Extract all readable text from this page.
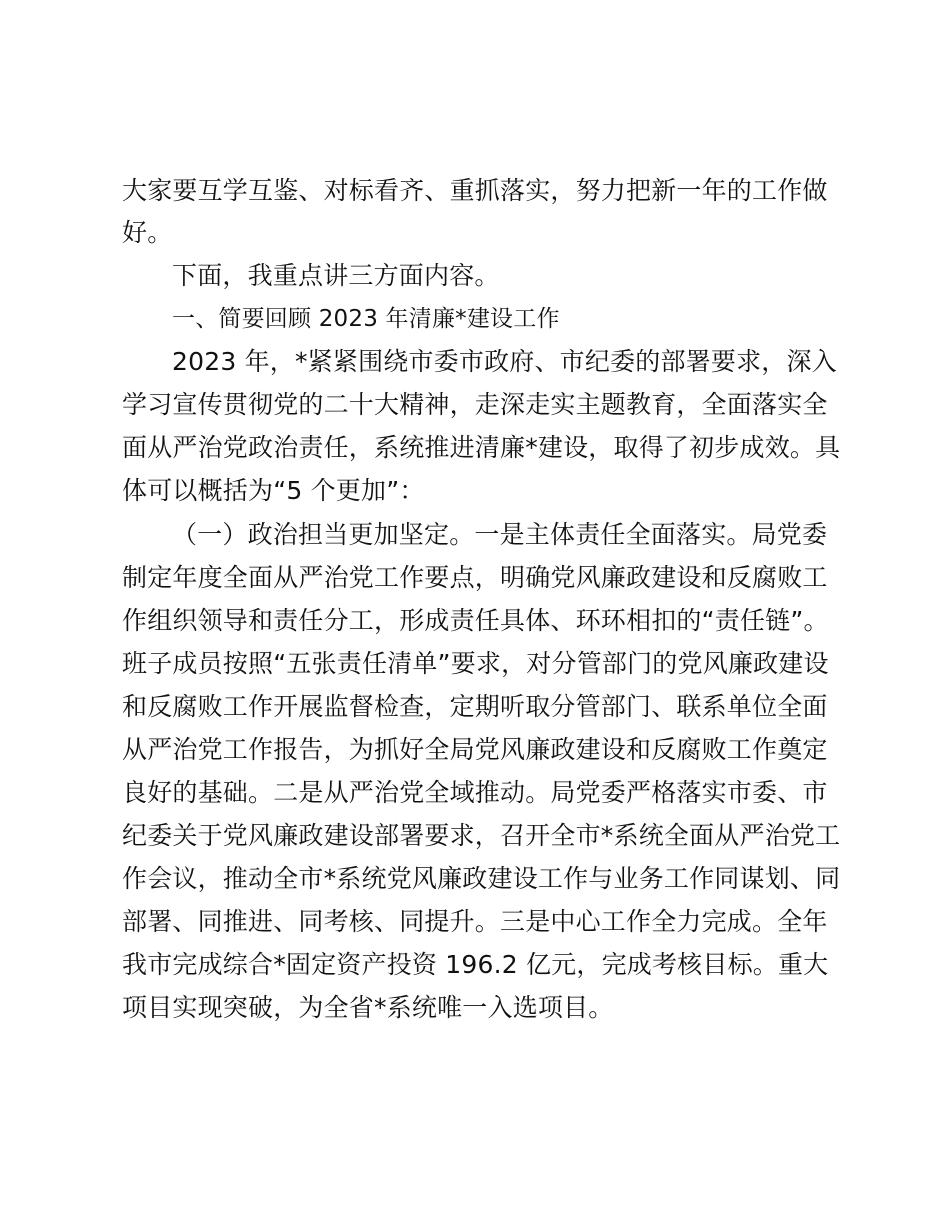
大家要互学互鉴、对标看齐、重抓落实，努力把新一年的工作做
好。
下面，我重点讲三方面内容。
一、简要回顾 2023 年清廉*建设工作
2023 年，*紧紧围绕市委市政府、市纪委的部署要求，深入
学习宣传贯彻党的二十大精神，走深走实主题教育，全面落实全
面从严治党政治责任，系统推进清廉*建设，取得了初步成效。具
体可以概括为“5 个更加”：
（一）政治担当更加坚定。一是主体责任全面落实。局党委
制定年度全面从严治党工作要点，明确党风廉政建设和反腐败工
作组织领导和责任分工，形成责任具体、环环相扣的“责任链”。
班子成员按照“五张责任清单”要求，对分管部门的党风廉政建设
和反腐败工作开展监督检查，定期听取分管部门、联系单位全面
从严治党工作报告，为抓好全局党风廉政建设和反腐败工作奠定
良好的基础。二是从严治党全域推动。局党委严格落实市委、市
纪委关于党风廉政建设部署要求，召开全市*系统全面从严治党工
作会议，推动全市*系统党风廉政建设工作与业务工作同谋划、同
部署、同推进、同考核、同提升。三是中心工作全力完成。全年
我市完成综合*固定资产投资 196.2 亿元，完成考核目标。重大
项目实现突破，为全省*系统唯一入选项目。
